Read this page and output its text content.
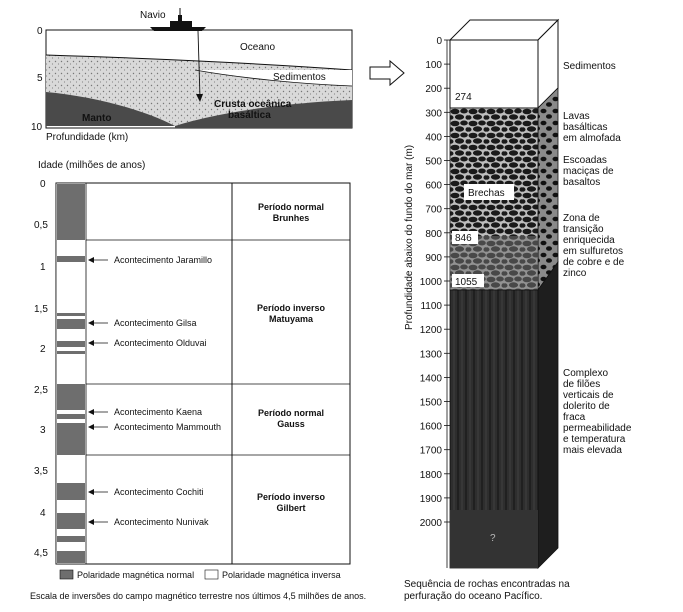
Navio
Oceano
Sedimentos
Crusta oceânica
basáltica
Manto
0
5
10
Profundidade (km)
Idade (milhões de anos)
0
0,5
1
1,5
2
2,5
3
3,5
4
4,5
Acontecimento Jaramillo
Acontecimento Gilsa
Acontecimento Olduvai
Acontecimento Kaena
Acontecimento Mammouth
Acontecimento Cochiti
Acontecimento Nunivak
Período normal
Brunhes
Período inverso
Matuyama
Período normal
Gauss
Período inverso
Gilbert
Polaridade magnética normal	Polaridade magnética inversa
Escala de inversões do campo magnético terrestre nos últimos 4,5 milhões de anos.
?
274
846
1055
Brechas
0
100
200
300
400
500
600
700
800
900
1000
1100
1200
1300
1400
1500
1600
1700
1800
1900
2000
Profundidade abaixo do fundo do mar (m)
Sedimentos
Lavas
basálticas
em almofada
Escoadas
maciças de
basaltos
Zona de
transição
enriquecida
em sulfuretos
de cobre e de
zinco
Complexo
de filões
verticais de
dolerito de
fraca
permeabilidade
e temperatura
mais elevada
Sequência de rochas encontradas na
perfuração do oceano Pacífico.
